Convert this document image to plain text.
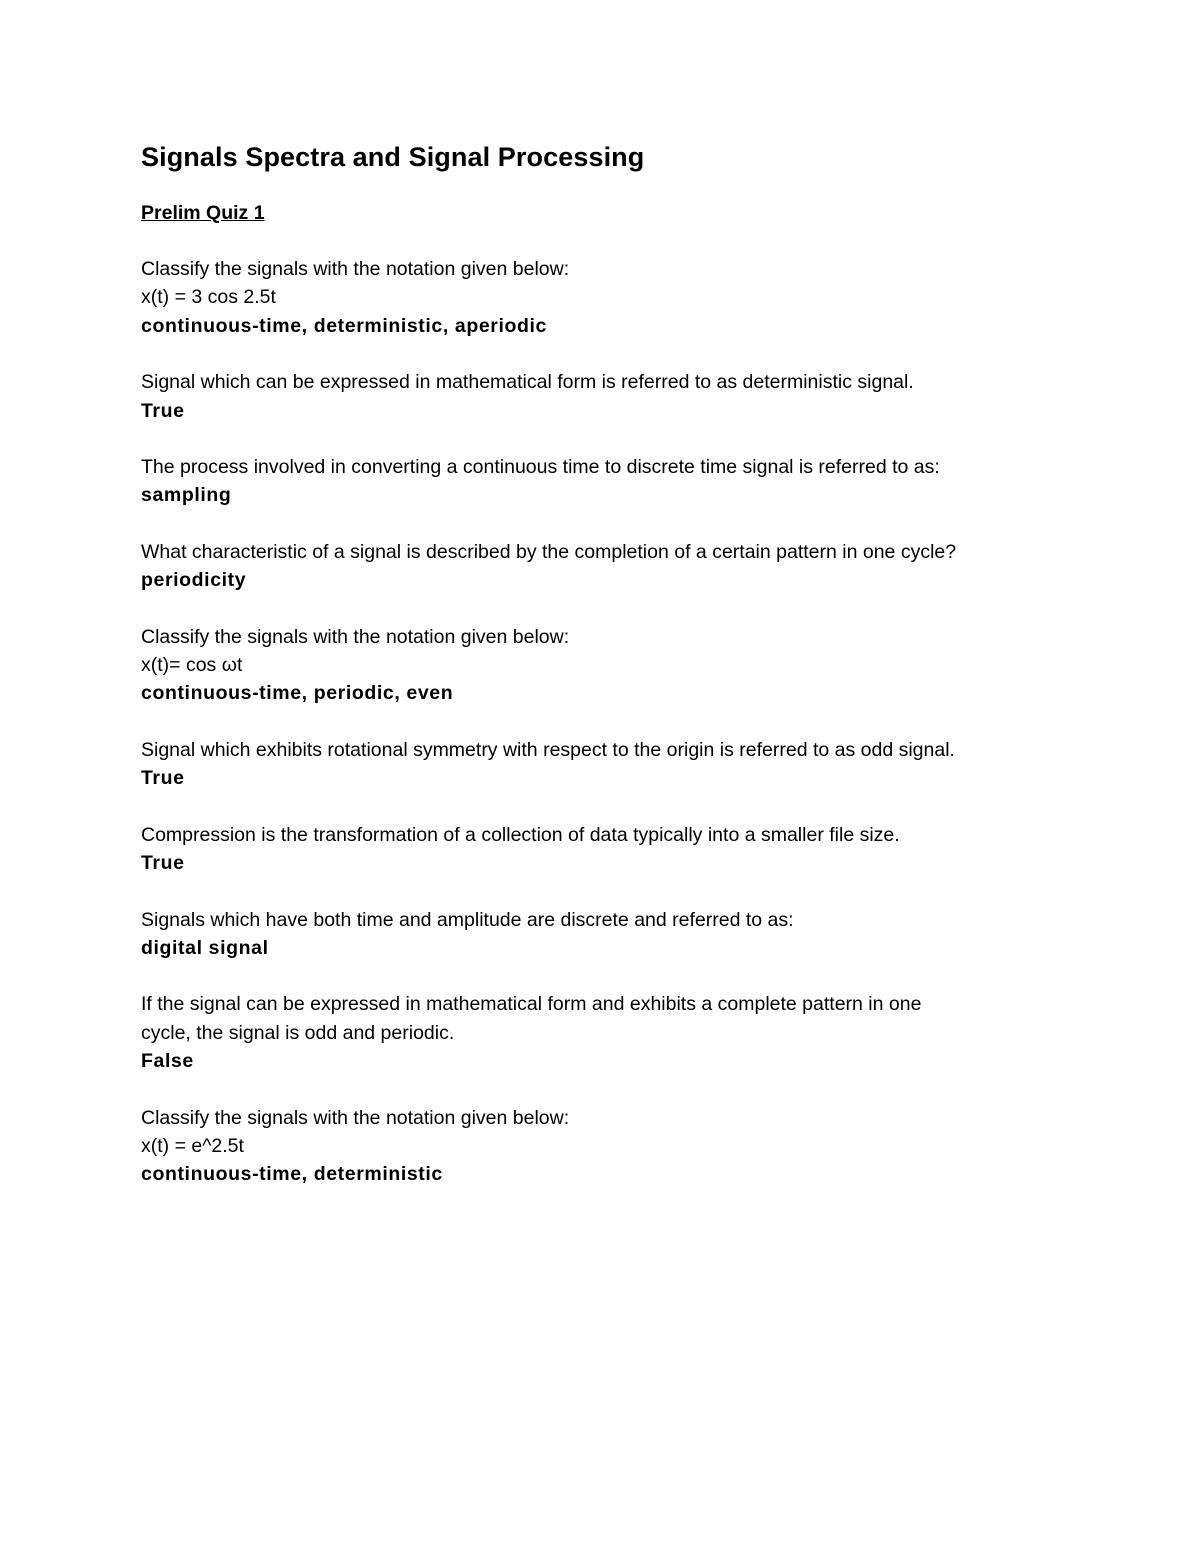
Signals Spectra and Signal Processing
Prelim Quiz 1

Classify the signals with the notation given below:

x(t) = 3 cos 2.5t

continuous-time, deterministic, aperiodic

Signal which can be expressed in mathematical form is referred to as deterministic signal.

True

The process involved in converting a continuous time to discrete time signal is referred to as:

sampling

What characteristic of a signal is described by the completion of a certain pattern in one cycle?

periodicity

Classify the signals with the notation given below:

x(t)= cos ωt

continuous-time, periodic, even

Signal which exhibits rotational symmetry with respect to the origin is referred to as odd signal.

True

Compression is the transformation of a collection of data typically into a smaller file size.

True

Signals which have both time and amplitude are discrete and referred to as:

digital signal

If the signal can be expressed in mathematical form and exhibits a complete pattern in one

cycle, the signal is odd and periodic.

False

Classify the signals with the notation given below:

x(t) = e^2.5t

continuous-time, deterministic
